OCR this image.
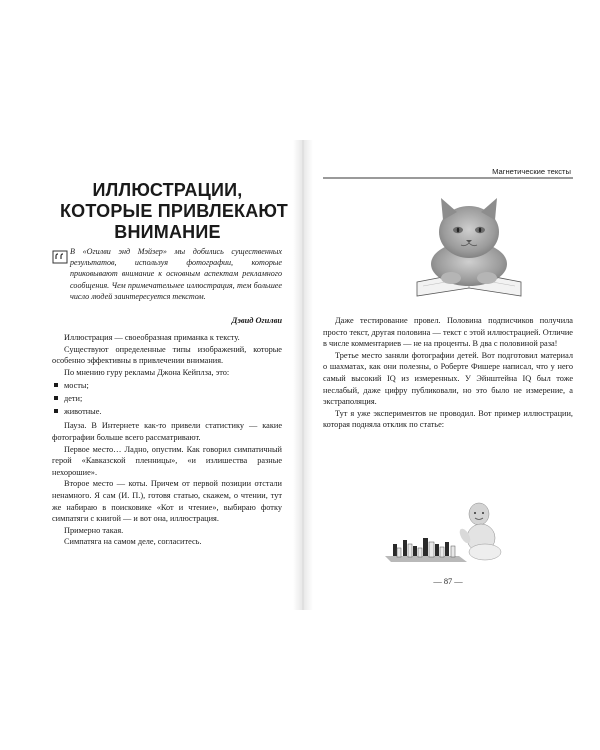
ИЛЛЮСТРАЦИИ,
КОТОРЫЕ ПРИВЛЕКАЮТ
ВНИМАНИЕ
В «Огилви энд Мэйзер» мы добились существенных результатов, используя фотографии, которые приковывают внимание к основным аспектам рекламного сообщения. Чем примечательнее иллюстрация, тем большее число людей заинтересуется текстом.
Дэвид Огилви

Иллюстрация — своеобразная приманка к тексту.

Существуют определенные типы изображений, которые особенно эффективны в привлечении внимания.

По мнению гуру рекламы Джона Кейплза, это:

мосты;
дети;
животные.

Пауза. В Интернете как-то привели статистику — какие фотографии больше всего рассматривают.

Первое место… Ладно, опустим. Как говорил симпатичный герой «Кавказской пленницы», «и излишества разные нехорошие».

Второе место — коты. Причем от первой позиции отстали ненамного. Я сам (И. П.), готовя статью, скажем, о чтении, тут же набираю в поисковике «Кот и чтение», выбираю фотку симпатяги с книгой — и вот она, иллюстрация.

Примерно такая.

Симпатяга на самом деле, согласитесь.

Магнетические тексты

Даже тестирование провел. Половина подписчиков получила просто текст, другая половина — текст с этой иллюстрацией. Отличие в числе комментариев — не на проценты. В два с половиной раза!

Третье место заняли фотографии детей. Вот подготовил материал о шахматах, как они полезны, о Роберте Фишере написал, что у него самый высокий IQ из измеренных. У Эйнштейна IQ был тоже неслабый, даже цифру публиковали, но это было не измерение, а экстраполяция.

Тут я уже экспериментов не проводил. Вот пример иллюстрации, которая подняла отклик по статье:

— 87 —
